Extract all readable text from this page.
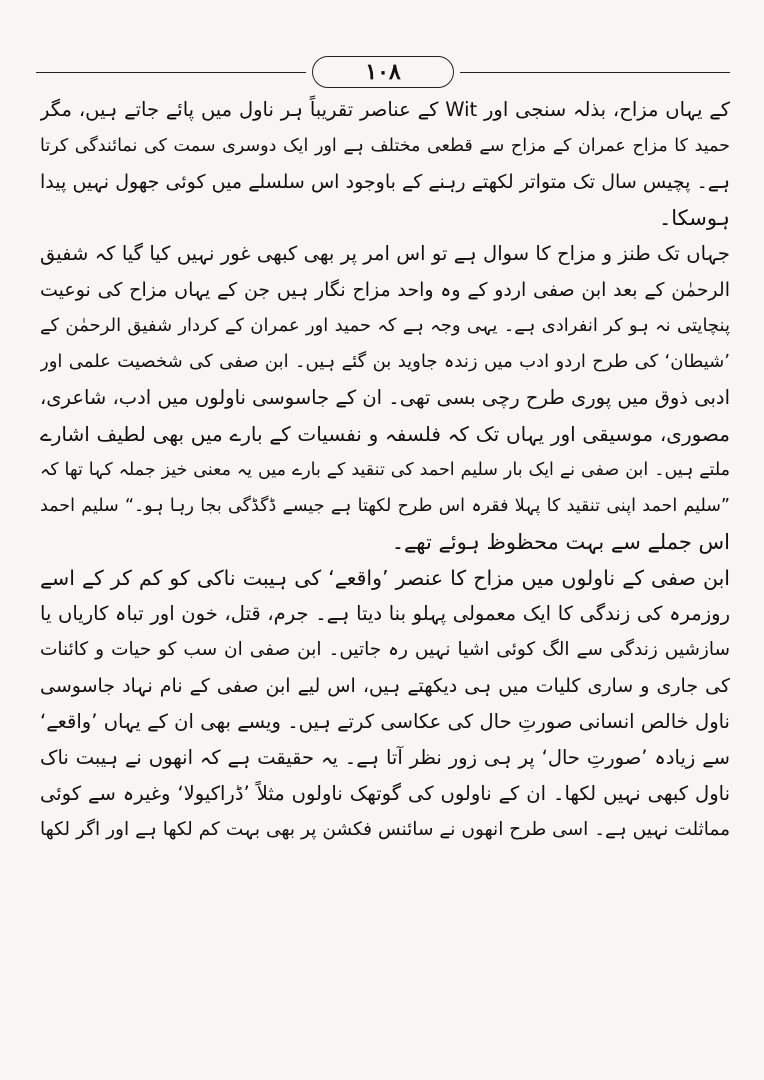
١٠٨
کے یہاں مزاح، بذلہ سنجی اور Wit کے عناصر تقریباً ہر ناول میں پائے جاتے ہیں، مگر
حمید کا مزاح عمران کے مزاح سے قطعی مختلف ہے اور ایک دوسری سمت کی نمائندگی کرتا
ہے۔ پچیس سال تک متواتر لکھتے رہنے کے باوجود اس سلسلے میں کوئی جھول نہیں پیدا
ہوسکا۔
جہاں تک طنز و مزاح کا سوال ہے تو اس امر پر بھی کبھی غور نہیں کیا گیا کہ شفیق
الرحمٰن کے بعد ابن صفی اردو کے وہ واحد مزاح نگار ہیں جن کے یہاں مزاح کی نوعیت
پنچایتی نہ ہو کر انفرادی ہے۔ یہی وجہ ہے کہ حمید اور عمران کے کردار شفیق الرحمٰن کے
’شیطان‘ کی طرح اردو ادب میں زندہ جاوید بن گئے ہیں۔ ابن صفی کی شخصیت علمی اور
ادبی ذوق میں پوری طرح رچی بسی تھی۔ ان کے جاسوسی ناولوں میں ادب، شاعری،
مصوری، موسیقی اور یہاں تک کہ فلسفہ و نفسیات کے بارے میں بھی لطیف اشارے
ملتے ہیں۔ ابن صفی نے ایک بار سلیم احمد کی تنقید کے بارے میں یہ معنی خیز جملہ کہا تھا کہ
”سلیم احمد اپنی تنقید کا پہلا فقرہ اس طرح لکھتا ہے جیسے ڈگڈگی بجا رہا ہو۔“ سلیم احمد
اس جملے سے بہت محظوظ ہوئے تھے۔
ابن صفی کے ناولوں میں مزاح کا عنصر ’واقعے‘ کی ہیبت ناکی کو کم کر کے اسے
روزمرہ کی زندگی کا ایک معمولی پہلو بنا دیتا ہے۔ جرم، قتل، خون اور تباہ کاریاں یا
سازشیں زندگی سے الگ کوئی اشیا نہیں رہ جاتیں۔ ابن صفی ان سب کو حیات و کائنات
کی جاری و ساری کلیات میں ہی دیکھتے ہیں، اس لیے ابن صفی کے نام نہاد جاسوسی
ناول خالص انسانی صورتِ حال کی عکاسی کرتے ہیں۔ ویسے بھی ان کے یہاں ’واقعے‘
سے زیادہ ’صورتِ حال‘ پر ہی زور نظر آتا ہے۔ یہ حقیقت ہے کہ انھوں نے ہیبت ناک
ناول کبھی نہیں لکھا۔ ان کے ناولوں کی گوتھک ناولوں مثلاً ’ڈراکیولا‘ وغیرہ سے کوئی
مماثلت نہیں ہے۔ اسی طرح انھوں نے سائنس فکشن پر بھی بہت کم لکھا ہے اور اگر لکھا
